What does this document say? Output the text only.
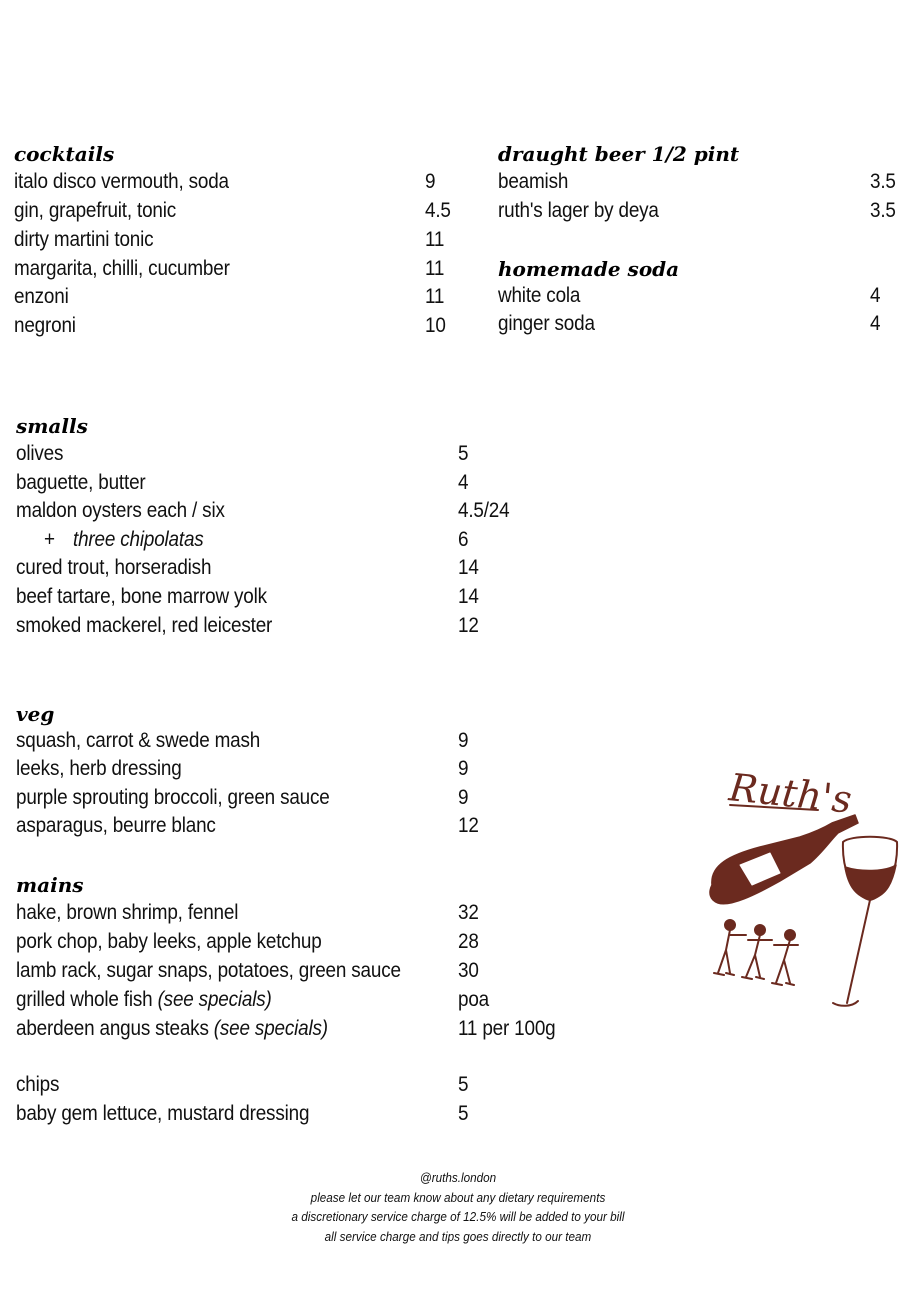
cocktails
italo disco vermouth, soda	9
gin, grapefruit, tonic	4.5
dirty martini tonic	11
margarita, chilli, cucumber	11
enzoni	11
negroni	10
draught beer 1/2 pint
beamish	3.5
ruth's lager by deya	3.5
homemade soda
white cola	4
ginger soda	4
smalls
olives	5
baguette, butter	4
maldon oysters each / six	4.5/24
+ three chipolatas	6
cured trout, horseradish	14
beef tartare, bone marrow yolk	14
smoked mackerel, red leicester	12
veg
squash, carrot & swede mash	9
leeks, herb dressing	9
purple sprouting broccoli, green sauce	9
asparagus, beurre blanc	12
mains
hake, brown shrimp, fennel	32
pork chop, baby leeks, apple ketchup	28
lamb rack, sugar snaps, potatoes, green sauce	30
grilled whole fish (see specials)	poa
aberdeen angus steaks (see specials)	11 per 100g
chips	5
baby gem lettuce, mustard dressing	5
Ruth's
@ruths.london
please let our team know about any dietary requirements
a discretionary service charge of 12.5% will be added to your bill
all service charge and tips goes directly to our team
